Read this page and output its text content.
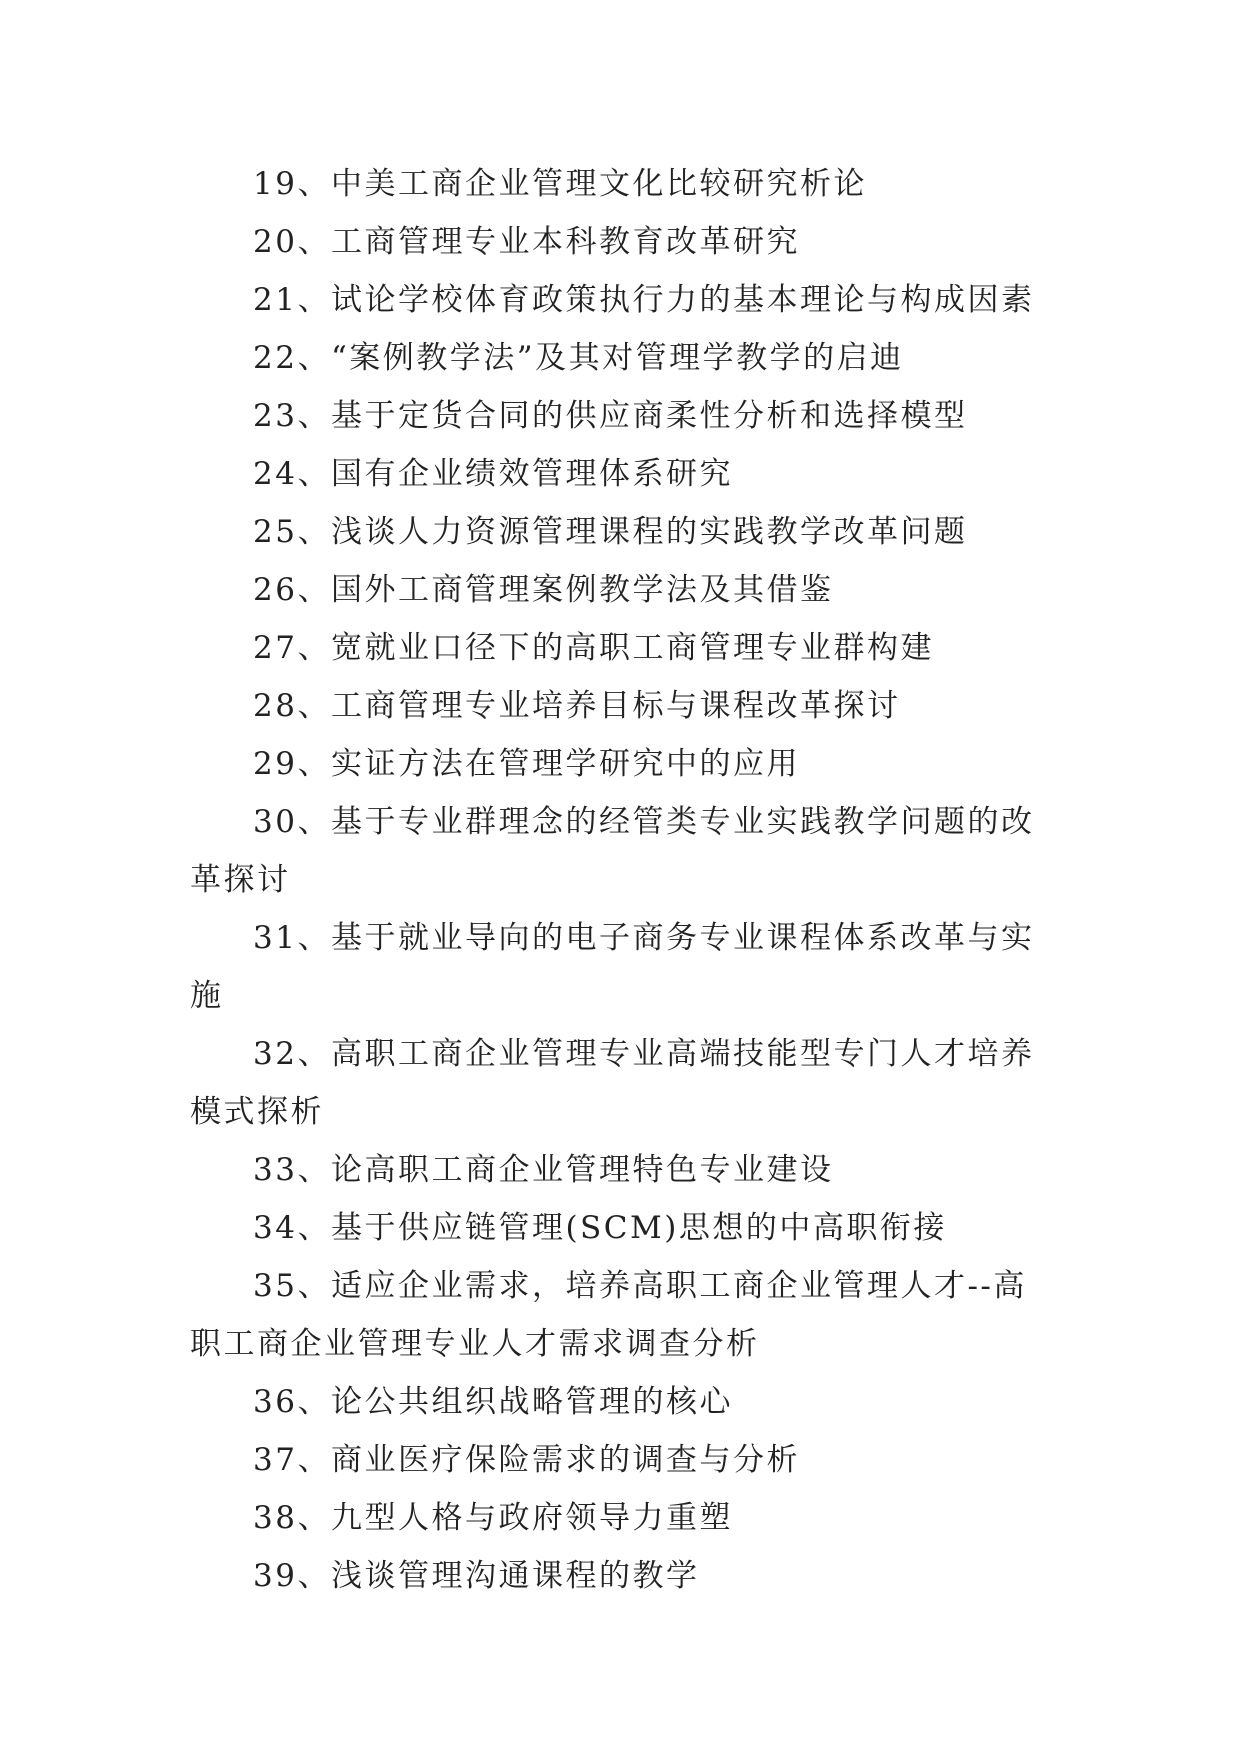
19、中美工商企业管理文化比较研究析论
20、工商管理专业本科教育改革研究
21、试论学校体育政策执行力的基本理论与构成因素
22、“案例教学法”及其对管理学教学的启迪
23、基于定货合同的供应商柔性分析和选择模型
24、国有企业绩效管理体系研究
25、浅谈人力资源管理课程的实践教学改革问题
26、国外工商管理案例教学法及其借鉴
27、宽就业口径下的高职工商管理专业群构建
28、工商管理专业培养目标与课程改革探讨
29、实证方法在管理学研究中的应用
30、基于专业群理念的经管类专业实践教学问题的改革探讨
31、基于就业导向的电子商务专业课程体系改革与实施
32、高职工商企业管理专业高端技能型专门人才培养模式探析
33、论高职工商企业管理特色专业建设
34、基于供应链管理(SCM)思想的中高职衔接
35、适应企业需求，培养高职工商企业管理人才--高职工商企业管理专业人才需求调查分析
36、论公共组织战略管理的核心
37、商业医疗保险需求的调查与分析
38、九型人格与政府领导力重塑
39、浅谈管理沟通课程的教学
